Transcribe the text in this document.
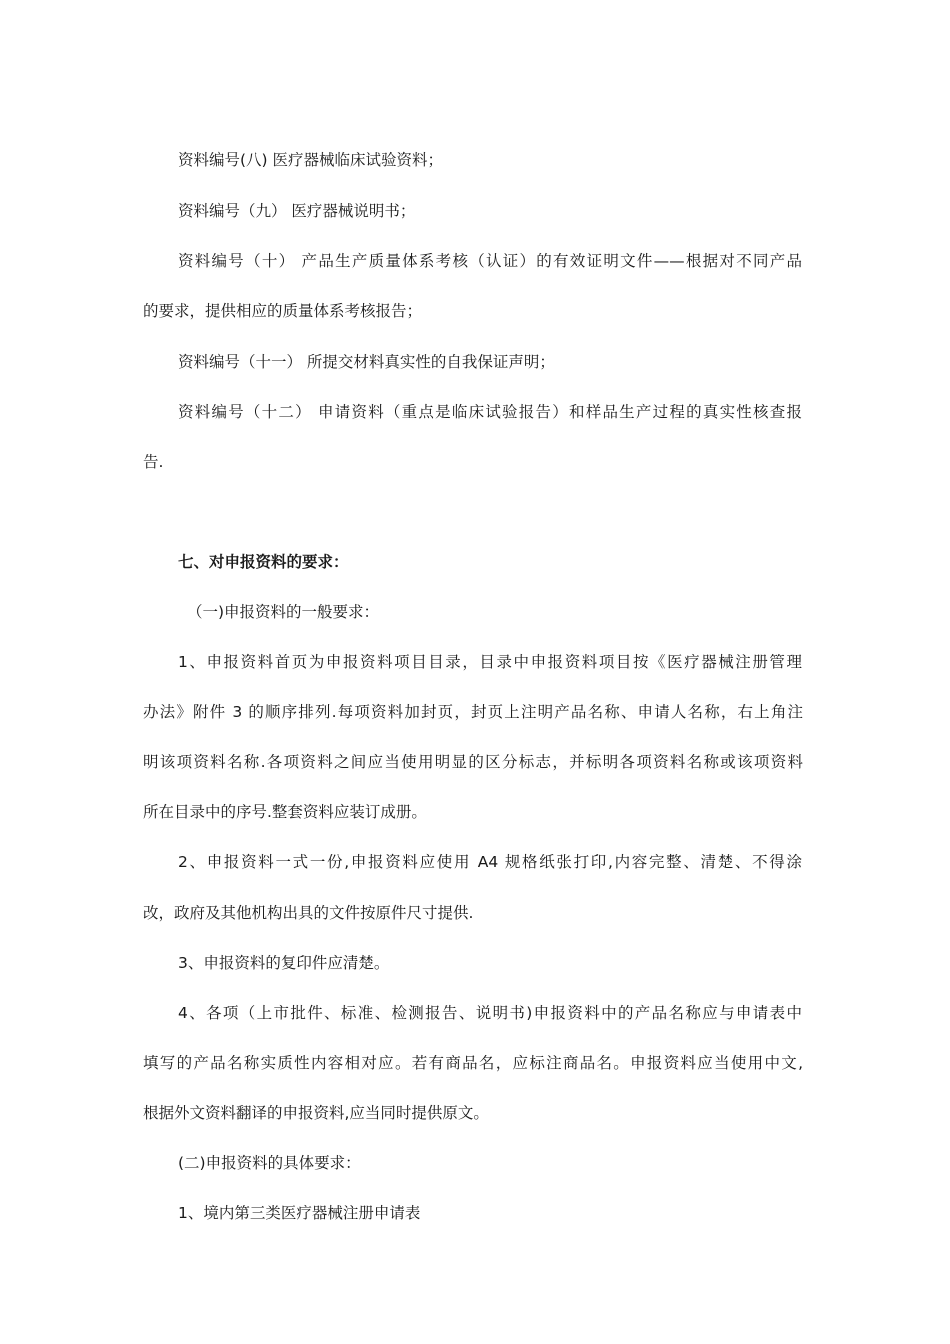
资料编号(八) 医疗器械临床试验资料；
资料编号（九） 医疗器械说明书；
资料编号（十） 产品生产质量体系考核（认证）的有效证明文件——根据对不同产品
的要求，提供相应的质量体系考核报告；
资料编号（十一） 所提交材料真实性的自我保证声明；
资料编号（十二） 申请资料（重点是临床试验报告）和样品生产过程的真实性核查报
告.
七、对申报资料的要求：
（一)申报资料的一般要求：
1、申报资料首页为申报资料项目目录，目录中申报资料项目按《医疗器械注册管理
办法》附件 3 的顺序排列.每项资料加封页，封页上注明产品名称、申请人名称，右上角注
明该项资料名称.各项资料之间应当使用明显的区分标志，并标明各项资料名称或该项资料
所在目录中的序号.整套资料应装订成册。
2、申报资料一式一份,申报资料应使用 A4 规格纸张打印,内容完整、清楚、不得涂
改，政府及其他机构出具的文件按原件尺寸提供.
3、申报资料的复印件应清楚。
4、各项（上市批件、标准、检测报告、说明书)申报资料中的产品名称应与申请表中
填写的产品名称实质性内容相对应。若有商品名，应标注商品名。申报资料应当使用中文,
根据外文资料翻译的申报资料,应当同时提供原文。
(二)申报资料的具体要求：
1、境内第三类医疗器械注册申请表
